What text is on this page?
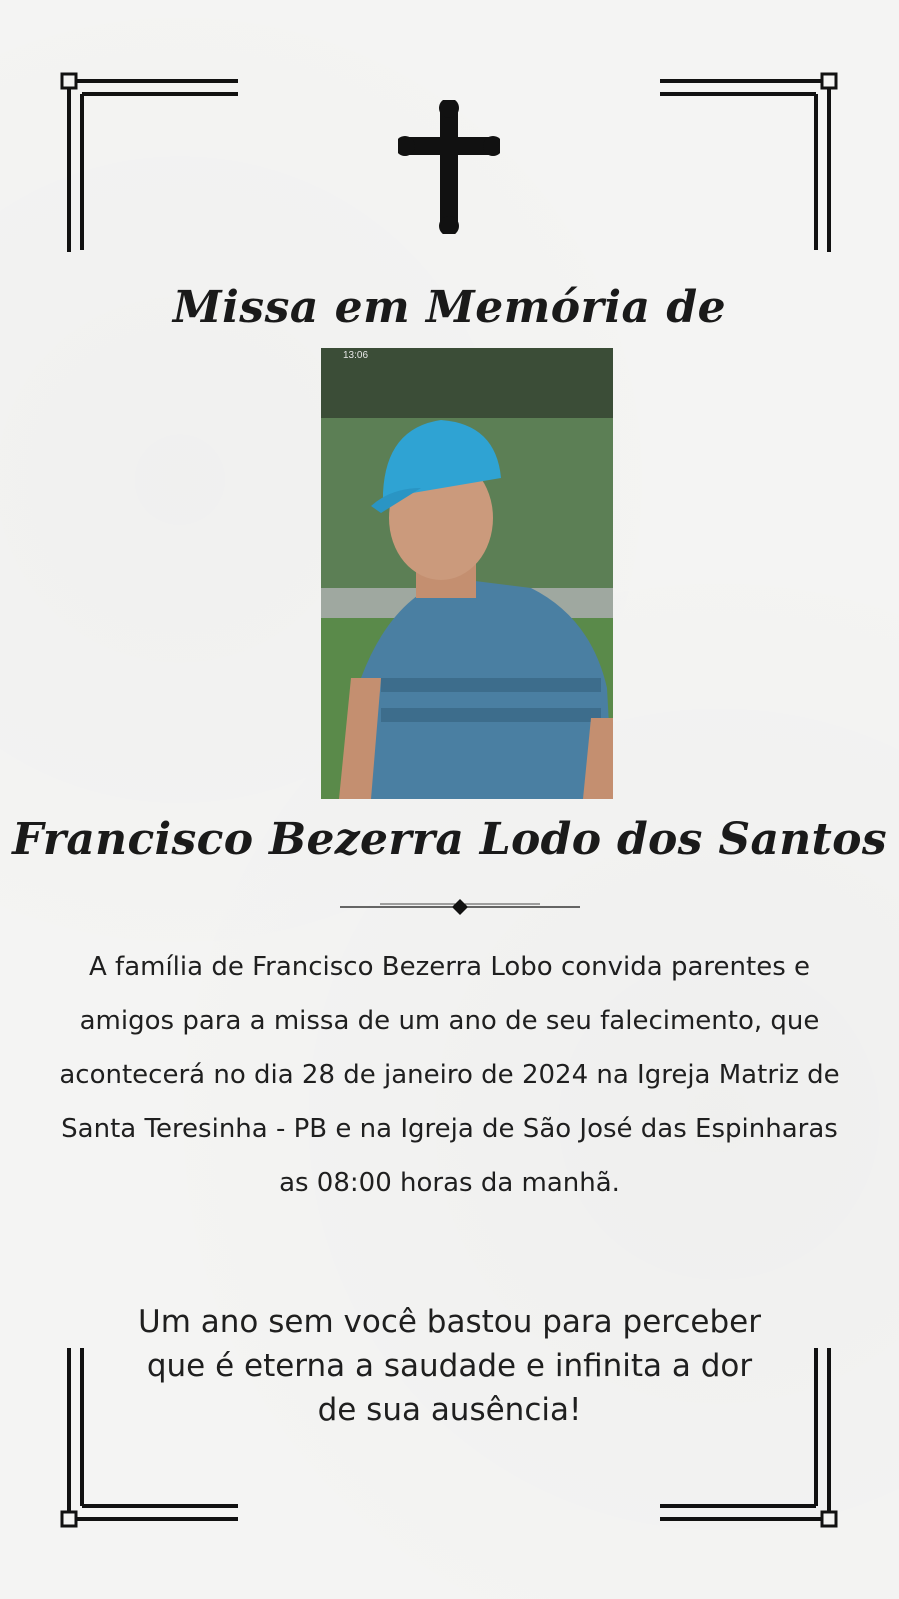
Missa em Memória de
13:06
Francisco Bezerra Lodo dos Santos
A família de Francisco Bezerra Lobo convida parentes e amigos para a missa de um ano de seu falecimento, que acontecerá no dia 28 de janeiro de 2024 na Igreja Matriz de Santa Teresinha - PB e na Igreja de São José das Espinharas as 08:00 horas da manhã.
Um ano sem você bastou para perceber
que é eterna a saudade e infinita a dor
de sua ausência!
